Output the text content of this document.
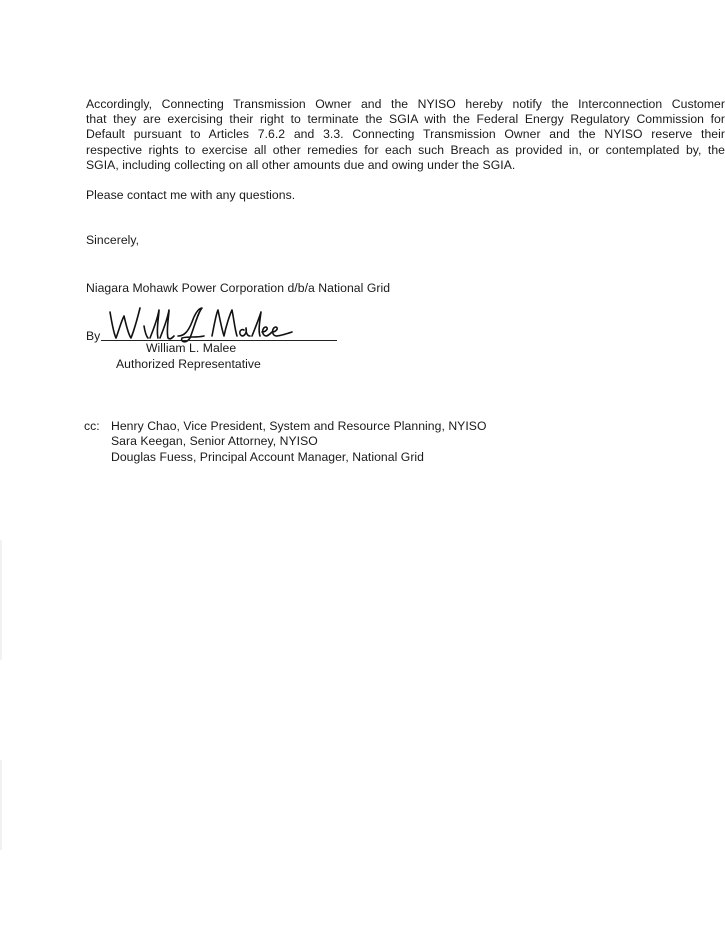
Accordingly, Connecting Transmission Owner and the NYISO hereby notify the Interconnection Customer
that they are exercising their right to terminate the SGIA with the Federal Energy Regulatory Commission for
Default pursuant to Articles 7.6.2 and 3.3. Connecting Transmission Owner and the NYISO reserve their
respective rights to exercise all other remedies for each such Breach as provided in, or contemplated by, the
SGIA, including collecting on all other amounts due and owing under the SGIA.
Please contact me with any questions.
Sincerely,
Niagara Mohawk Power Corporation d/b/a National Grid
By
William L. Malee
Authorized Representative
cc: Henry Chao, Vice President, System and Resource Planning, NYISO
Sara Keegan, Senior Attorney, NYISO
Douglas Fuess, Principal Account Manager, National Grid
